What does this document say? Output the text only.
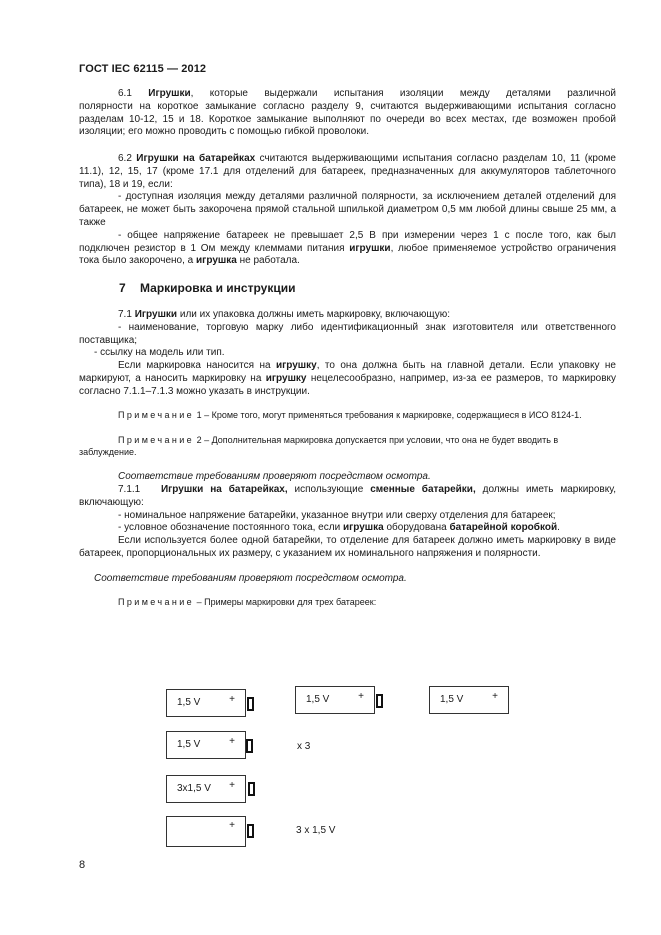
ГОСТ IEC 62115 — 2012
6.1 Игрушки, которые выдержали испытания изоляции между деталями различной
полярности на короткое замыкание согласно разделу 9, считаются выдерживающими испытания согласно разделам 10-12, 15 и 18. Короткое замыкание выполняют по очереди во всех местах, где возможен пробой изоляции; его можно проводить с помощью гибкой проволоки.
6.2 Игрушки на батарейках считаются выдерживающими испытания согласно разделам 10, 11 (кроме 11.1), 12, 15, 17 (кроме 17.1 для отделений для батареек, предназначенных для аккумуляторов таблеточного типа), 18 и 19, если:
- доступная изоляция между деталями различной полярности, за исключением деталей отделений для батареек, не может быть закорочена прямой стальной шпилькой диаметром 0,5 мм любой длины свыше 25 мм, а также
- общее напряжение батареек не превышает 2,5 В при измерении через 1 с после того, как был подключен резистор в 1 Ом между клеммами питания игрушки, любое применяемое устройство ограничения тока было закорочено, а игрушка не работала.
7 Маркировка и инструкции
7.1 Игрушки или их упаковка должны иметь маркировку, включающую:
- наименование, торговую марку либо идентификационный знак изготовителя или ответственного поставщика;
- ссылку на модель или тип.
Если маркировка наносится на игрушку, то она должна быть на главной детали. Если упаковку не маркируют, а наносить маркировку на игрушку нецелесообразно, например, из-за ее размеров, то маркировку согласно 7.1.1–7.1.3 можно указать в инструкции.
Примечание 1 – Кроме того, могут применяться требования к маркировке, содержащиеся в ИСО 8124-1.
Примечание 2 – Дополнительная маркировка допускается при условии, что она не будет вводить в заблуждение.
Соответствие требованиям проверяют посредством осмотра.
7.1.1 Игрушки на батарейках, использующие сменные батарейки, должны иметь маркировку, включающую:
- номинальное напряжение батарейки, указанное внутри или сверху отделения для батареек;
- условное обозначение постоянного тока, если игрушка оборудована батарейной коробкой.
Если используется более одной батарейки, то отделение для батареек должно иметь маркировку в виде батареек, пропорциональных их размеру, с указанием их номинального напряжения и полярности.
Соответствие требованиям проверяют посредством осмотра.
Примечание – Примеры маркировки для трех батареек:
1,5 V	+	1,5 V	+	1,5 V	+
1,5 V	+	x 3
3x1,5 V +
+	3 x 1,5 V
8
